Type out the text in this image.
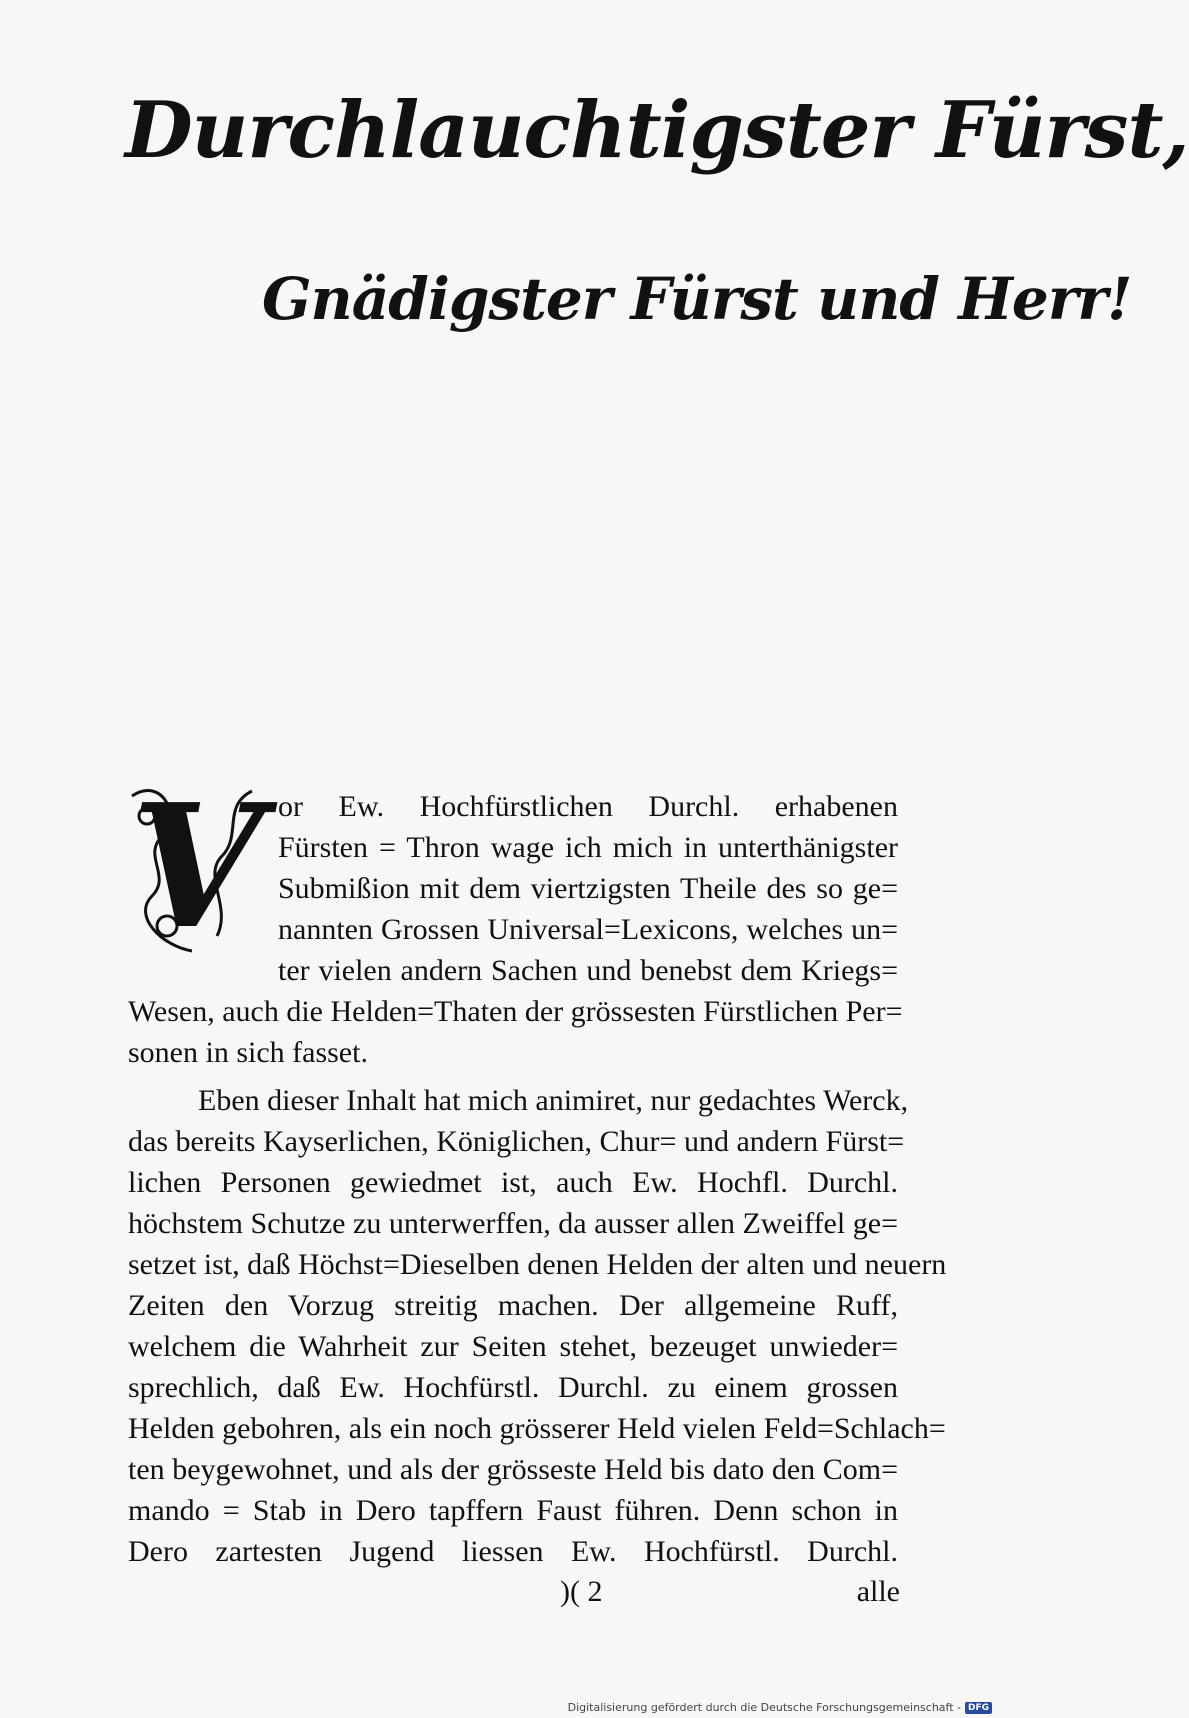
Durchlauchtigster Fürst,
Gnädigster Fürst und Herr!
V or Ew. Hochfürstlichen Durchl. erhabenen
Fürsten = Thron wage ich mich in unterthänigster
Submißion mit dem viertzigsten Theile des so ge=
nannten Grossen Universal=Lexicons, welches un=
ter vielen andern Sachen und benebst dem Kriegs=
Wesen, auch die Helden=Thaten der grössesten Fürstlichen Per=
sonen in sich fasset.
Eben dieser Inhalt hat mich animiret, nur gedachtes Werck,
das bereits Kayserlichen, Königlichen, Chur= und andern Fürst=
lichen Personen gewiedmet ist, auch Ew. Hochfl. Durchl.
höchstem Schutze zu unterwerffen, da ausser allen Zweiffel ge=
setzet ist, daß Höchst=Dieselben denen Helden der alten und neuern
Zeiten den Vorzug streitig machen. Der allgemeine Ruff,
welchem die Wahrheit zur Seiten stehet, bezeuget unwieder=
sprechlich, daß Ew. Hochfürstl. Durchl. zu einem grossen
Helden gebohren, als ein noch grösserer Held vielen Feld=Schlach=
ten beygewohnet, und als der grösseste Held bis dato den Com=
mando = Stab in Dero tapffern Faust führen. Denn schon in
Dero zartesten Jugend liessen Ew. Hochfürstl. Durchl.
)( 2	alle
Digitalisierung gefördert durch die Deutsche Forschungsgemeinschaft - DFG
